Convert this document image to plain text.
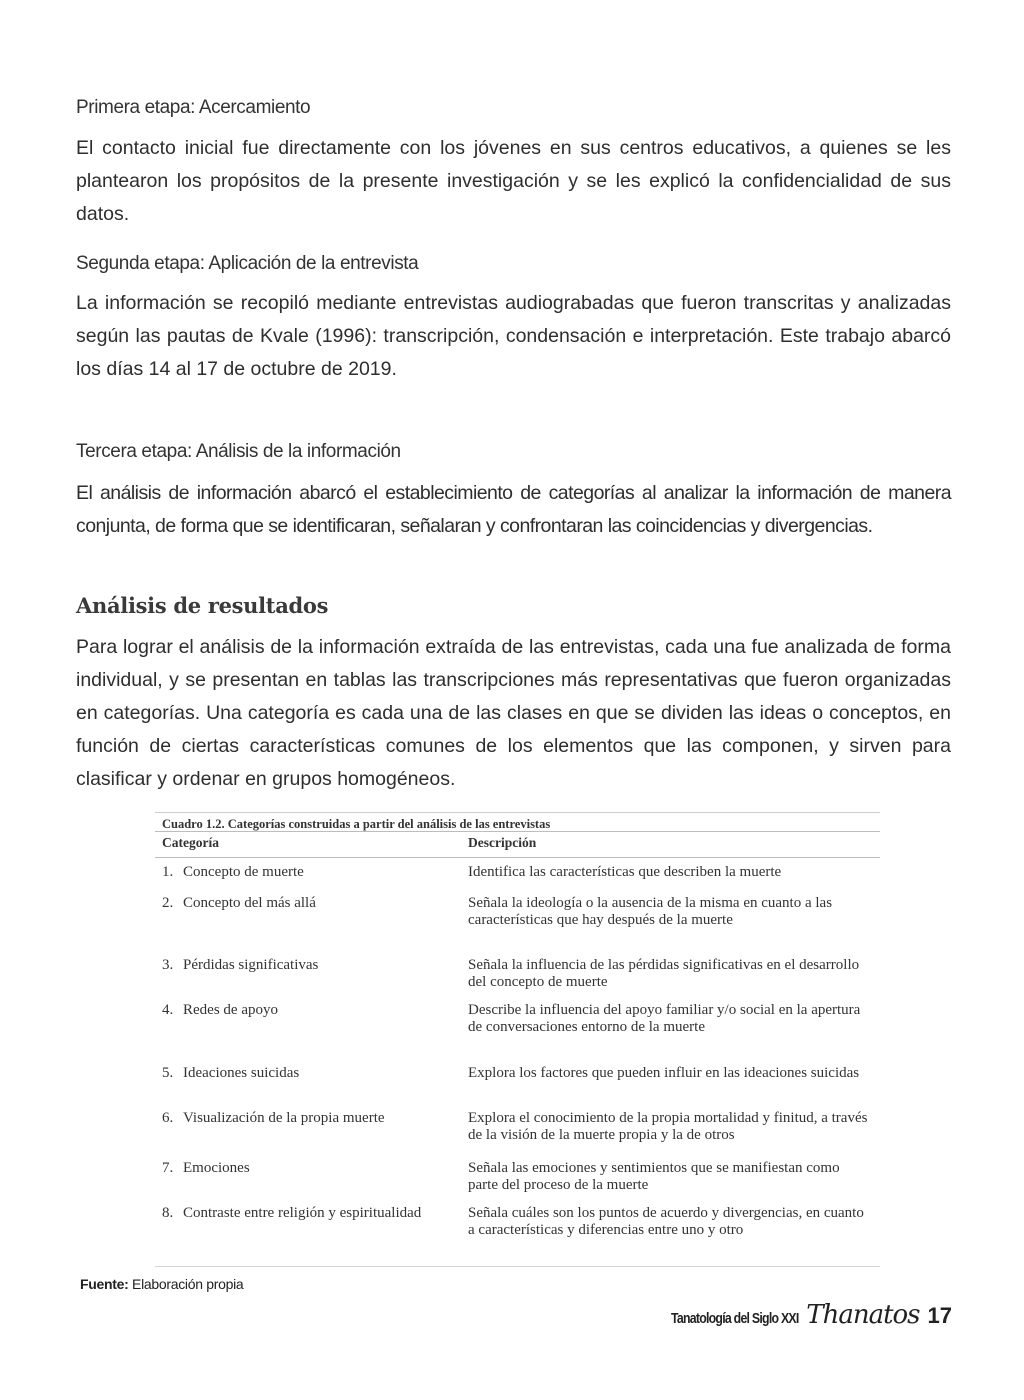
Primera etapa: Acercamiento

El contacto inicial fue directamente con los jóvenes en sus centros educativos, a quienes se les plantearon los propósitos de la presente investigación y se les explicó la confidencialidad de sus datos.

Segunda etapa: Aplicación de la entrevista

La información se recopiló mediante entrevistas audiograbadas que fueron transcritas y analizadas según las pautas de Kvale (1996): transcripción, condensación e interpretación. Este trabajo abarcó los días 14 al 17 de octubre de 2019.

Tercera etapa: Análisis de la información

El análisis de información abarcó el establecimiento de categorías al analizar la información de manera conjunta, de forma que se identificaran, señalaran y confrontaran las coincidencias y divergencias.

Análisis de resultados

Para lograr el análisis de la información extraída de las entrevistas, cada una fue analizada de forma individual, y se presentan en tablas las transcripciones más representativas que fueron organizadas en categorías. Una categoría es cada una de las clases en que se dividen las ideas o conceptos, en función de ciertas características comunes de los elementos que las componen, y sirven para clasificar y ordenar en grupos homogéneos.

Cuadro 1.2. Categorías construidas a partir del análisis de las entrevistas
Categoría	Descripción
1. Concepto de muerte	Identifica las características que describen la muerte
2. Concepto del más allá	Señala la ideología o la ausencia de la misma en cuanto a las características que hay después de la muerte
3. Pérdidas significativas	Señala la influencia de las pérdidas significativas en el desarrollo del concepto de muerte
4. Redes de apoyo	Describe la influencia del apoyo familiar y/o social en la apertura de conversaciones entorno de la muerte
5. Ideaciones suicidas	Explora los factores que pueden influir en las ideaciones suicidas
6. Visualización de la propia muerte	Explora el conocimiento de la propia mortalidad y finitud, a través de la visión de la muerte propia y la de otros
7. Emociones	Señala las emociones y sentimientos que se manifiestan como parte del proceso de la muerte
8. Contraste entre religión y espiritualidad	Señala cuáles son los puntos de acuerdo y divergencias, en cuanto a características y diferencias entre uno y otro
Fuente: Elaboración propia
Tanatología del Siglo XXI Thanatos 17
